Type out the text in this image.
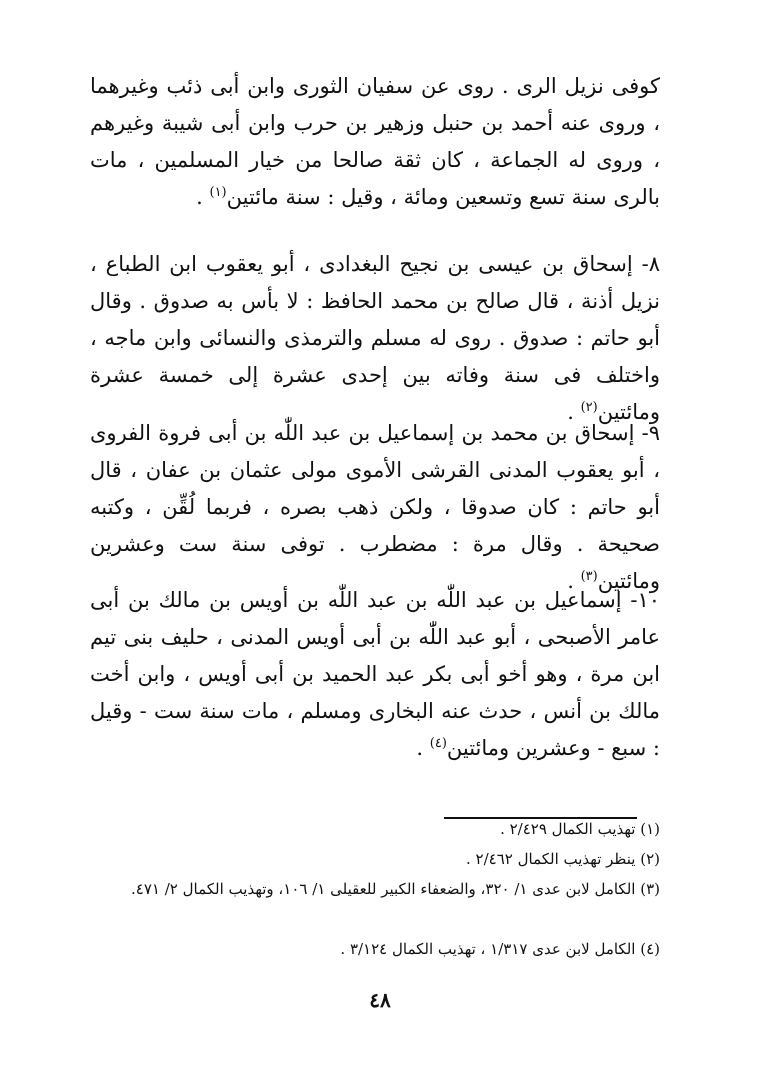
كوفى نزيل الرى . روى عن سفيان الثورى وابن أبى ذئب وغيرهما ، وروى عنه أحمد بن حنبل وزهير بن حرب وابن أبى شيبة وغيرهم ، وروى له الجماعة ، كان ثقة صالحا من خيار المسلمين ، مات بالرى سنة تسع وتسعين ومائة ، وقيل : سنة مائتين$^{(١)}$ .

٨- إسحاق بن عيسى بن نجيح البغدادى ، أبو يعقوب ابن الطباع ، نزيل أذنة ، قال صالح بن محمد الحافظ : لا بأس به صدوق . وقال أبو حاتم : صدوق . روى له مسلم والترمذى والنسائى وابن ماجه ، واختلف فى سنة وفاته بين إحدى عشرة إلى خمسة عشرة ومائتين$^{(٢)}$ .

٩- إسحاق بن محمد بن إسماعيل بن عبد اللّٰه بن أبى فروة الفروى ، أبو يعقوب المدنى القرشى الأموى مولى عثمان بن عفان ، قال أبو حاتم : كان صدوقا ، ولكن ذهب بصره ، فربما لُقِّن ، وكتبه صحيحة . وقال مرة : مضطرب . توفى سنة ست وعشرين ومائتين$^{(٣)}$ .

١٠- إسماعيل بن عبد اللّٰه بن عبد اللّٰه بن أويس بن مالك بن أبى عامر الأصبحى ، أبو عبد اللّٰه بن أبى أويس المدنى ، حليف بنى تيم ابن مرة ، وهو أخو أبى بكر عبد الحميد بن أبى أويس ، وابن أخت مالك بن أنس ، حدث عنه البخارى ومسلم ، مات سنة ست - وقيل : سبع - وعشرين ومائتين$^{(٤)}$ .

(١) تهذيب الكمال ٢/٤٢٩ .

(٢) ينظر تهذيب الكمال ٢/٤٦٢ .

(٣) الكامل لابن عدى ١/ ٣٢٠، والضعفاء الكبير للعقيلى ١/ ١٠٦، وتهذيب الكمال ٢/ ٤٧١.

(٤) الكامل لابن عدى ١/٣١٧ ، تهذيب الكمال ٣/١٢٤ .

٤٨
